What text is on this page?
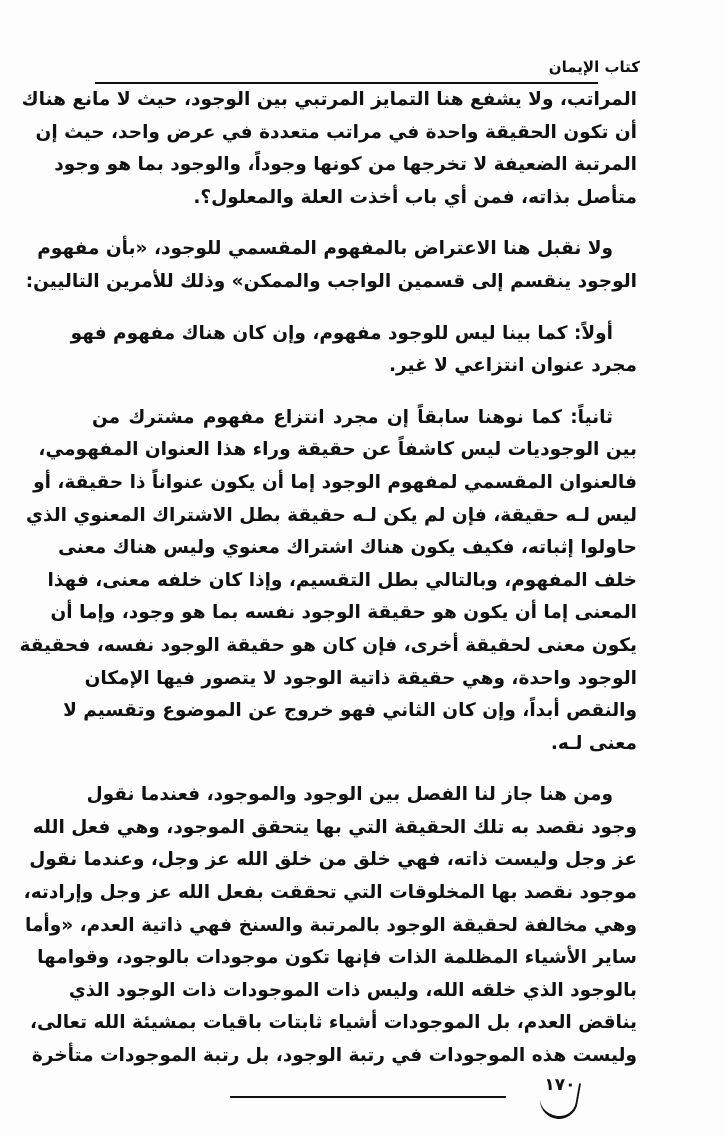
كتاب الإيمان
المراتب، ولا يشفع هنا التمايز المرتبي بين الوجود، حيث لا مانع هناك
أن تكون الحقيقة واحدة في مراتب متعددة في عرض واحد، حيث إن
المرتبة الضعيفة لا تخرجها من كونها وجوداً، والوجود بما هو وجود
متأصل بذاته، فمن أي باب أخذت العلة والمعلول؟.
ولا نقبل هنا الاعتراض بالمفهوم المقسمي للوجود، «بأن مفهوم
الوجود ينقسم إلى قسمين الواجب والممكن» وذلك للأمرين التاليين:
أولاً: كما بينا ليس للوجود مفهوم، وإن كان هناك مفهوم فهو
مجرد عنوان انتزاعي لا غير.
ثانياً: كما نوهنا سابقاً إن مجرد انتزاع مفهوم مشترك من
بين الوجوديات ليس كاشفاً عن حقيقة وراء هذا العنوان المفهومي،
فالعنوان المقسمي لمفهوم الوجود إما أن يكون عنواناً ذا حقيقة، أو
ليس لـه حقيقة، فإن لم يكن لـه حقيقة بطل الاشتراك المعنوي الذي
حاولوا إثباته، فكيف يكون هناك اشتراك معنوي وليس هناك معنى
خلف المفهوم، وبالتالي بطل التقسيم، وإذا كان خلفه معنى، فهذا
المعنى إما أن يكون هو حقيقة الوجود نفسه بما هو وجود، وإما أن
يكون معنى لحقيقة أخرى، فإن كان هو حقيقة الوجود نفسه، فحقيقة
الوجود واحدة، وهي حقيقة ذاتية الوجود لا يتصور فيها الإمكان
والنقص أبداً، وإن كان الثاني فهو خروج عن الموضوع وتقسيم لا
معنى لـه.
ومن هنا جاز لنا الفصل بين الوجود والموجود، فعندما نقول
وجود نقصد به تلك الحقيقة التي بها يتحقق الموجود، وهي فعل الله
عز وجل وليست ذاته، فهي خلق من خلق الله عز وجل، وعندما نقول
موجود نقصد بها المخلوقات التي تحققت بفعل الله عز وجل وإرادته،
وهي مخالفة لحقيقة الوجود بالمرتبة والسنخ فهي ذاتية العدم، «وأما
ساير الأشياء المظلمة الذات فإنها تكون موجودات بالوجود، وقوامها
بالوجود الذي خلقه الله، وليس ذات الموجودات ذات الوجود الذي
يناقض العدم، بل الموجودات أشياء ثابتات باقيات بمشيئة الله تعالى،
وليست هذه الموجودات في رتبة الوجود، بل رتبة الموجودات متأخرة
١٧٠
